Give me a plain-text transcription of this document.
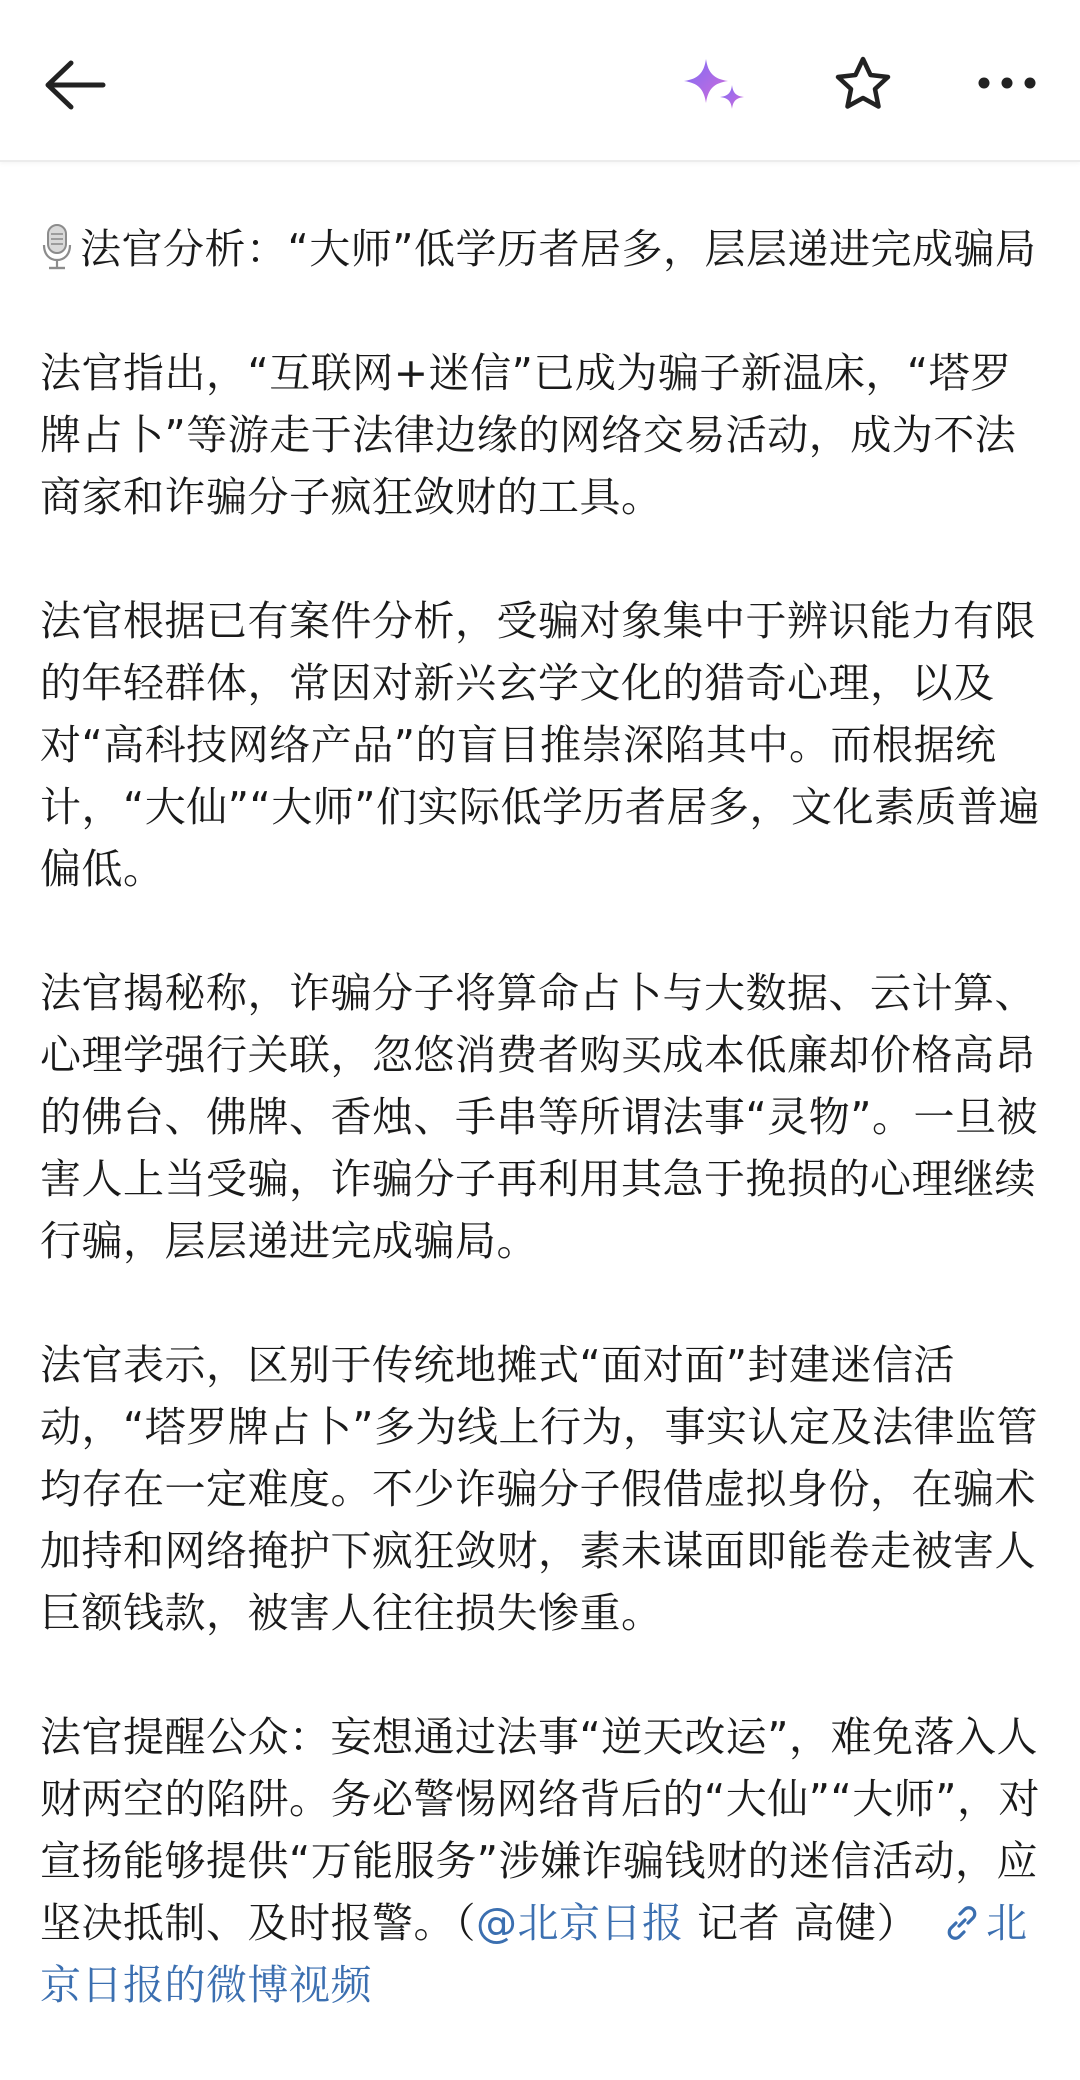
法官分析：“大师”低学历者居多，层层递进完成骗局

法官指出，“互联网+迷信”已成为骗子新温床，“塔罗牌占卜”等游走于法律边缘的网络交易活动，成为不法商家和诈骗分子疯狂敛财的工具。

法官根据已有案件分析，受骗对象集中于辨识能力有限的年轻群体，常因对新兴玄学文化的猎奇心理，以及对“高科技网络产品”的盲目推崇深陷其中。而根据统计，“大仙”“大师”们实际低学历者居多，文化素质普遍偏低。

法官揭秘称，诈骗分子将算命占卜与大数据、云计算、心理学强行关联，忽悠消费者购买成本低廉却价格高昂的佛台、佛牌、香烛、手串等所谓法事“灵物”。一旦被害人上当受骗，诈骗分子再利用其急于挽损的心理继续行骗，层层递进完成骗局。

法官表示，区别于传统地摊式“面对面”封建迷信活动，“塔罗牌占卜”多为线上行为，事实认定及法律监管均存在一定难度。不少诈骗分子假借虚拟身份，在骗术加持和网络掩护下疯狂敛财，素未谋面即能卷走被害人巨额钱款，被害人往往损失惨重。

法官提醒公众：妄想通过法事“逆天改运”，难免落入人财两空的陷阱。务必警惕网络背后的“大仙”“大师”，对宣扬能够提供“万能服务”涉嫌诈骗钱财的迷信活动，应坚决抵制、及时报警。（@北京日报 记者 高健） 北京日报的微博视频
